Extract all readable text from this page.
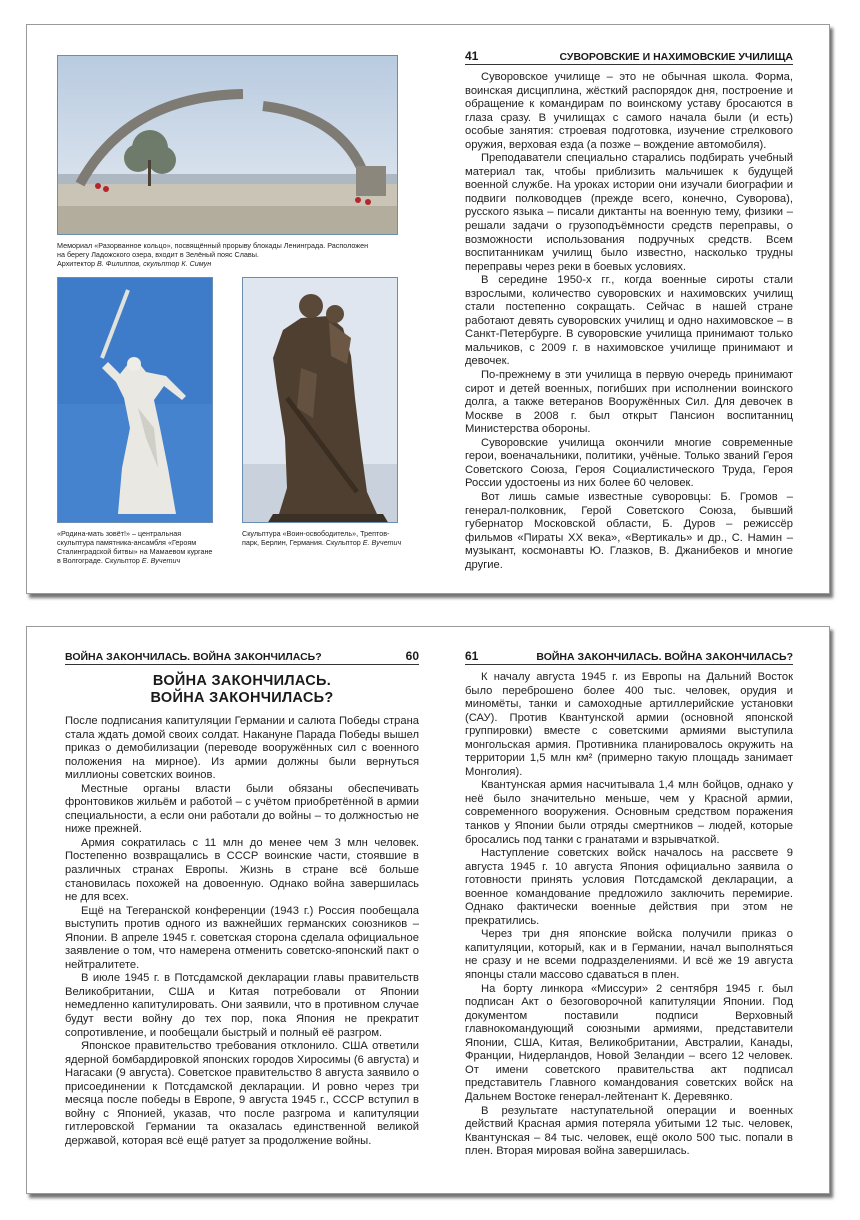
Мемориал «Разорванное кольцо», посвящённый прорыву блокады Ленинграда. Расположен на берегу Ладожского озера, входит в Зелёный пояс Славы.
Архитектор В. Филиппов, скульптор К. Симун
«Родина-мать зовёт!» – центральная скульптура памятника-ансамбля «Героям Сталинградской битвы» на Мамаевом кургане в Волгограде. Скульптор Е. Вучетич
Скульптура «Воин-освободитель», Трептов-парк, Берлин, Германия. Скульптор Е. Вучетич
41	СУВОРОВСКИЕ И НАХИМОВСКИЕ УЧИЛИЩА

Суворовское училище – это не обычная школа. Форма, воинская дисциплина, жёсткий распорядок дня, построение и обращение к командирам по воинскому уставу бросаются в глаза сразу. В училищах с самого начала были (и есть) особые занятия: строевая подготовка, изучение стрелкового оружия, верховая езда (а позже – вождение автомобиля).

Преподаватели специально старались подбирать учебный материал так, чтобы приблизить мальчишек к будущей военной службе. На уроках истории они изучали биографии и подвиги полководцев (прежде всего, конечно, Суворова), русского языка – писали диктанты на военную тему, физики – решали задачи о грузоподъёмности средств переправы, о возможности использования подручных средств. Всем воспитанникам училищ было известно, насколько трудны переправы через реки в боевых условиях.

В середине 1950-х гг., когда военные сироты стали взрослыми, количество суворовских и нахимовских училищ стали постепенно сокращать. Сейчас в нашей стране работают девять суворовских училищ и одно нахимовское – в Санкт-Петербурге. В суворовские училища принимают только мальчиков, с 2009 г. в нахимовское училище принимают и девочек.

По-прежнему в эти училища в первую очередь принимают сирот и детей военных, погибших при исполнении воинского долга, а также ветеранов Вооружённых Сил. Для девочек в Москве в 2008 г. был открыт Пансион воспитанниц Министерства обороны.

Суворовские училища окончили многие современные герои, военачальники, политики, учёные. Только званий Героя Советского Союза, Героя Социалистического Труда, Героя России удостоены из них более 60 человек.

Вот лишь самые известные суворовцы: Б. Громов – генерал-полковник, Герой Советского Союза, бывший губернатор Московской области, Б. Дуров – режиссёр фильмов «Пираты XX века», «Вертикаль» и др., С. Намин – музыкант, космонавты Ю. Глазков, В. Джанибеков и многие другие.

ВОЙНА ЗАКОНЧИЛАСЬ. ВОЙНА ЗАКОНЧИЛАСЬ?	60
ВОЙНА ЗАКОНЧИЛАСЬ.
ВОЙНА ЗАКОНЧИЛАСЬ?

После подписания капитуляции Германии и салюта Победы страна стала ждать домой своих солдат. Накануне Парада Победы вышел приказ о демобилизации (переводе вооружённых сил с военного положения на мирное). Из армии должны были вернуться миллионы советских воинов.

Местные органы власти были обязаны обеспечивать фронтовиков жильём и работой – с учётом приобретённой в армии специальности, а если они работали до войны – то должностью не ниже прежней.

Армия сократилась с 11 млн до менее чем 3 млн человек. Постепенно возвращались в СССР воинские части, стоявшие в различных странах Европы. Жизнь в стране всё больше становилась похожей на довоенную. Однако война завершилась не для всех.

Ещё на Тегеранской конференции (1943 г.) Россия пообещала выступить против одного из важнейших германских союзников – Японии. В апреле 1945 г. советская сторона сделала официальное заявление о том, что намерена отменить советско-японский пакт о нейтралитете.

В июле 1945 г. в Потсдамской декларации главы правительств Великобритании, США и Китая потребовали от Японии немедленно капитулировать. Они заявили, что в противном случае будут вести войну до тех пор, пока Япония не прекратит сопротивление, и пообещали быстрый и полный её разгром.

Японское правительство требования отклонило. США ответили ядерной бомбардировкой японских городов Хиросимы (6 августа) и Нагасаки (9 августа). Советское правительство 8 августа заявило о присоединении к Потсдамской декларации. И ровно через три месяца после победы в Европе, 9 августа 1945 г., СССР вступил в войну с Японией, указав, что после разгрома и капитуляции гитлеровской Германии та оказалась единственной великой державой, которая всё ещё ратует за продолжение войны.

61	ВОЙНА ЗАКОНЧИЛАСЬ. ВОЙНА ЗАКОНЧИЛАСЬ?

К началу августа 1945 г. из Европы на Дальний Восток было переброшено более 400 тыс. человек, орудия и миномёты, танки и самоходные артиллерийские установки (САУ). Против Квантунской армии (основной японской группировки) вместе с советскими армиями выступила монгольская армия. Противника планировалось окружить на территории 1,5 млн км² (примерно такую площадь занимает Монголия).

Квантунская армия насчитывала 1,4 млн бойцов, однако у неё было значительно меньше, чем у Красной армии, современного вооружения. Основным средством поражения танков у Японии были отряды смертников – людей, которые бросались под танки с гранатами и взрывчаткой.

Наступление советских войск началось на рассвете 9 августа 1945 г. 10 августа Япония официально заявила о готовности принять условия Потсдамской декларации, а военное командование предложило заключить перемирие. Однако фактически военные действия при этом не прекратились.

Через три дня японские войска получили приказ о капитуляции, который, как и в Германии, начал выполняться не сразу и не всеми подразделениями. И всё же 19 августа японцы стали массово сдаваться в плен.

На борту линкора «Миссури» 2 сентября 1945 г. был подписан Акт о безоговорочной капитуляции Японии. Под документом поставили подписи Верховный главнокомандующий союзными армиями, представители Японии, США, Китая, Великобритании, Австралии, Канады, Франции, Нидерландов, Новой Зеландии – всего 12 человек. От имени советского правительства акт подписал представитель Главного командования советских войск на Дальнем Востоке генерал-лейтенант К. Деревянко.

В результате наступательной операции и военных действий Красная армия потеряла убитыми 12 тыс. человек, Квантунская – 84 тыс. человек, ещё около 500 тыс. попали в плен. Вторая мировая война завершилась.
